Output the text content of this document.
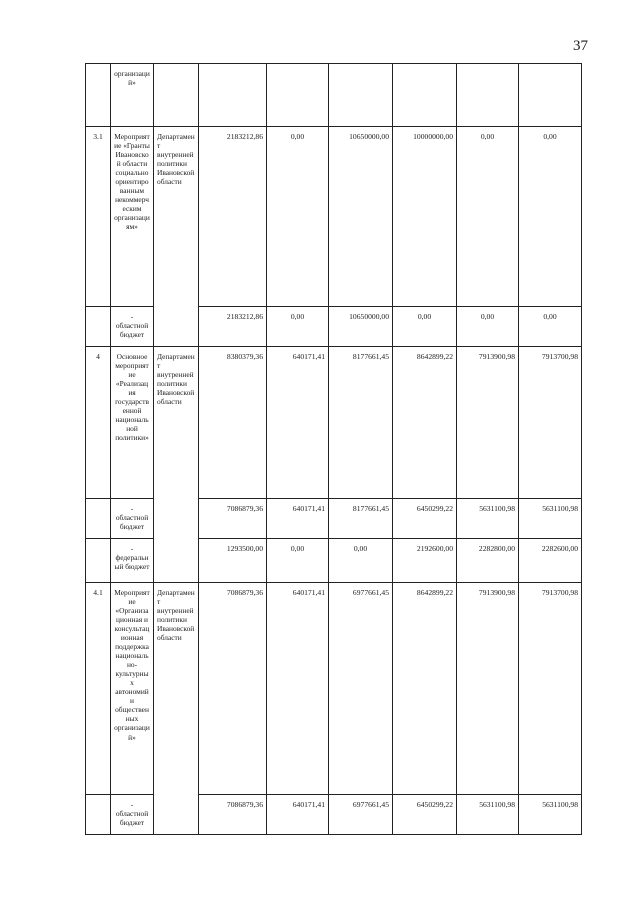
37
	организаций»							
3.1	Мероприятие «Гранты Ивановской области социально ориентированным некоммерческим организациям»	Департамент внутренней политики Ивановской области	2183212,86	0,00	10650000,00	10000000,00	0,00	0,00
	- областной бюджет		2183212,86	0,00	10650000,00	0,00	0,00	0,00
4	Основное мероприятие «Реализация государственной национальной политики»	Департамент внутренней политики Ивановской области	8380379,36	640171,41	8177661,45	8642899,22	7913900,98	7913700,98
	- областной бюджет		7086879,36	640171,41	8177661,45	6450299,22	5631100,98	5631100,98
	- федеральный бюджет		1293500,00	0,00	0,00	2192600,00	2282800,00	2282600,00
4.1	Мероприятие «Организационная и консультационная поддержка национально-культурных автономий и общественных организаций»	Департамент внутренней политики Ивановской области	7086879,36	640171,41	6977661,45	8642899,22	7913900,98	7913700,98
	- областной бюджет		7086879,36	640171,41	6977661,45	6450299,22	5631100,98	5631100,98
